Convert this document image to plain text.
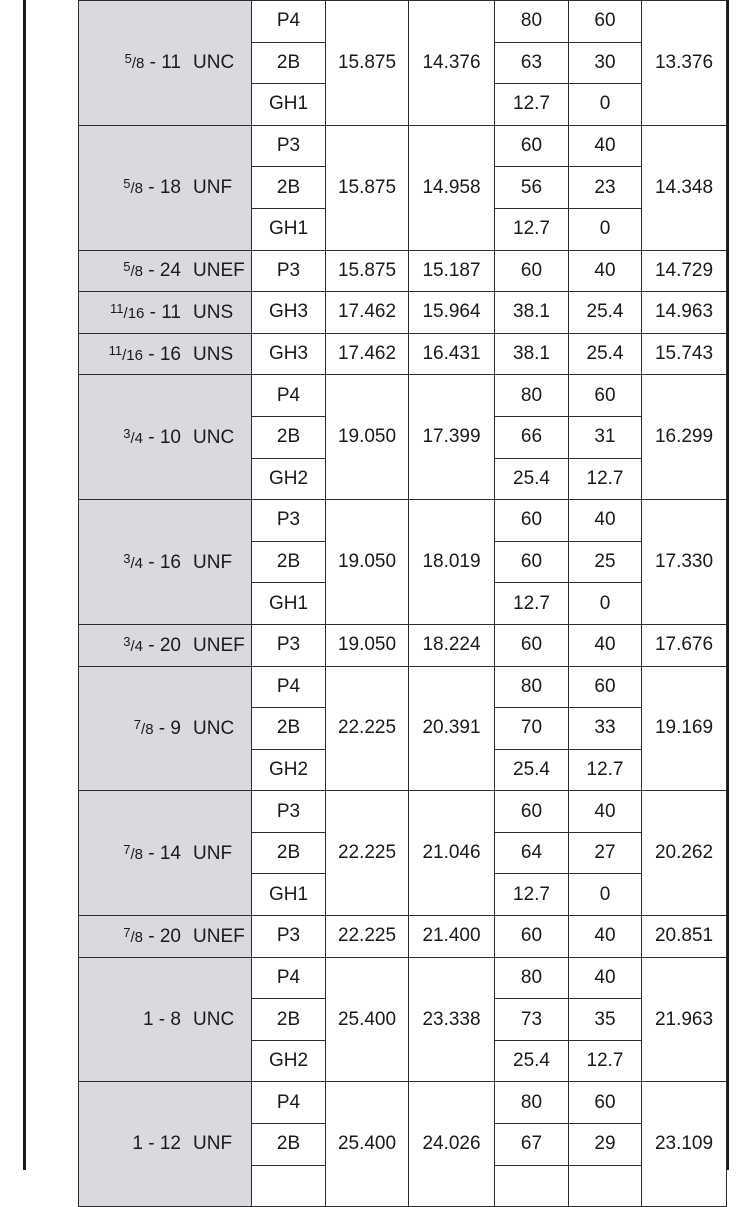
$^5$/8 - 11 UNC	P4	15.875	14.376	80	60	13.376
	2B			63	30	
	GH1			12.7	0	
$^5$/8 - 18 UNF	P3	15.875	14.958	60	40	14.348
	2B			56	23	
	GH1			12.7	0	
$^5$/8 - 24 UNEF	P3	15.875	15.187	60	40	14.729
$^{11}$/16 - 11 UNS	GH3	17.462	15.964	38.1	25.4	14.963
$^{11}$/16 - 16 UNS	GH3	17.462	16.431	38.1	25.4	15.743
$^3$/4 - 10 UNC	P4	19.050	17.399	80	60	16.299
	2B			66	31	
	GH2			25.4	12.7	
$^3$/4 - 16 UNF	P3	19.050	18.019	60	40	17.330
	2B			60	25	
	GH1			12.7	0	
$^3$/4 - 20 UNEF	P3	19.050	18.224	60	40	17.676
$^7$/8 - 9 UNC	P4	22.225	20.391	80	60	19.169
	2B			70	33	
	GH2			25.4	12.7	
$^7$/8 - 14 UNF	P3	22.225	21.046	60	40	20.262
	2B			64	27	
	GH1			12.7	0	
$^7$/8 - 20 UNEF	P3	22.225	21.400	60	40	20.851
1 - 8 UNC	P4	25.400	23.338	80	40	21.963
	2B			73	35	
	GH2			25.4	12.7	
1 - 12 UNF	P4	25.400	24.026	80	60	23.109
	2B			67	29	
